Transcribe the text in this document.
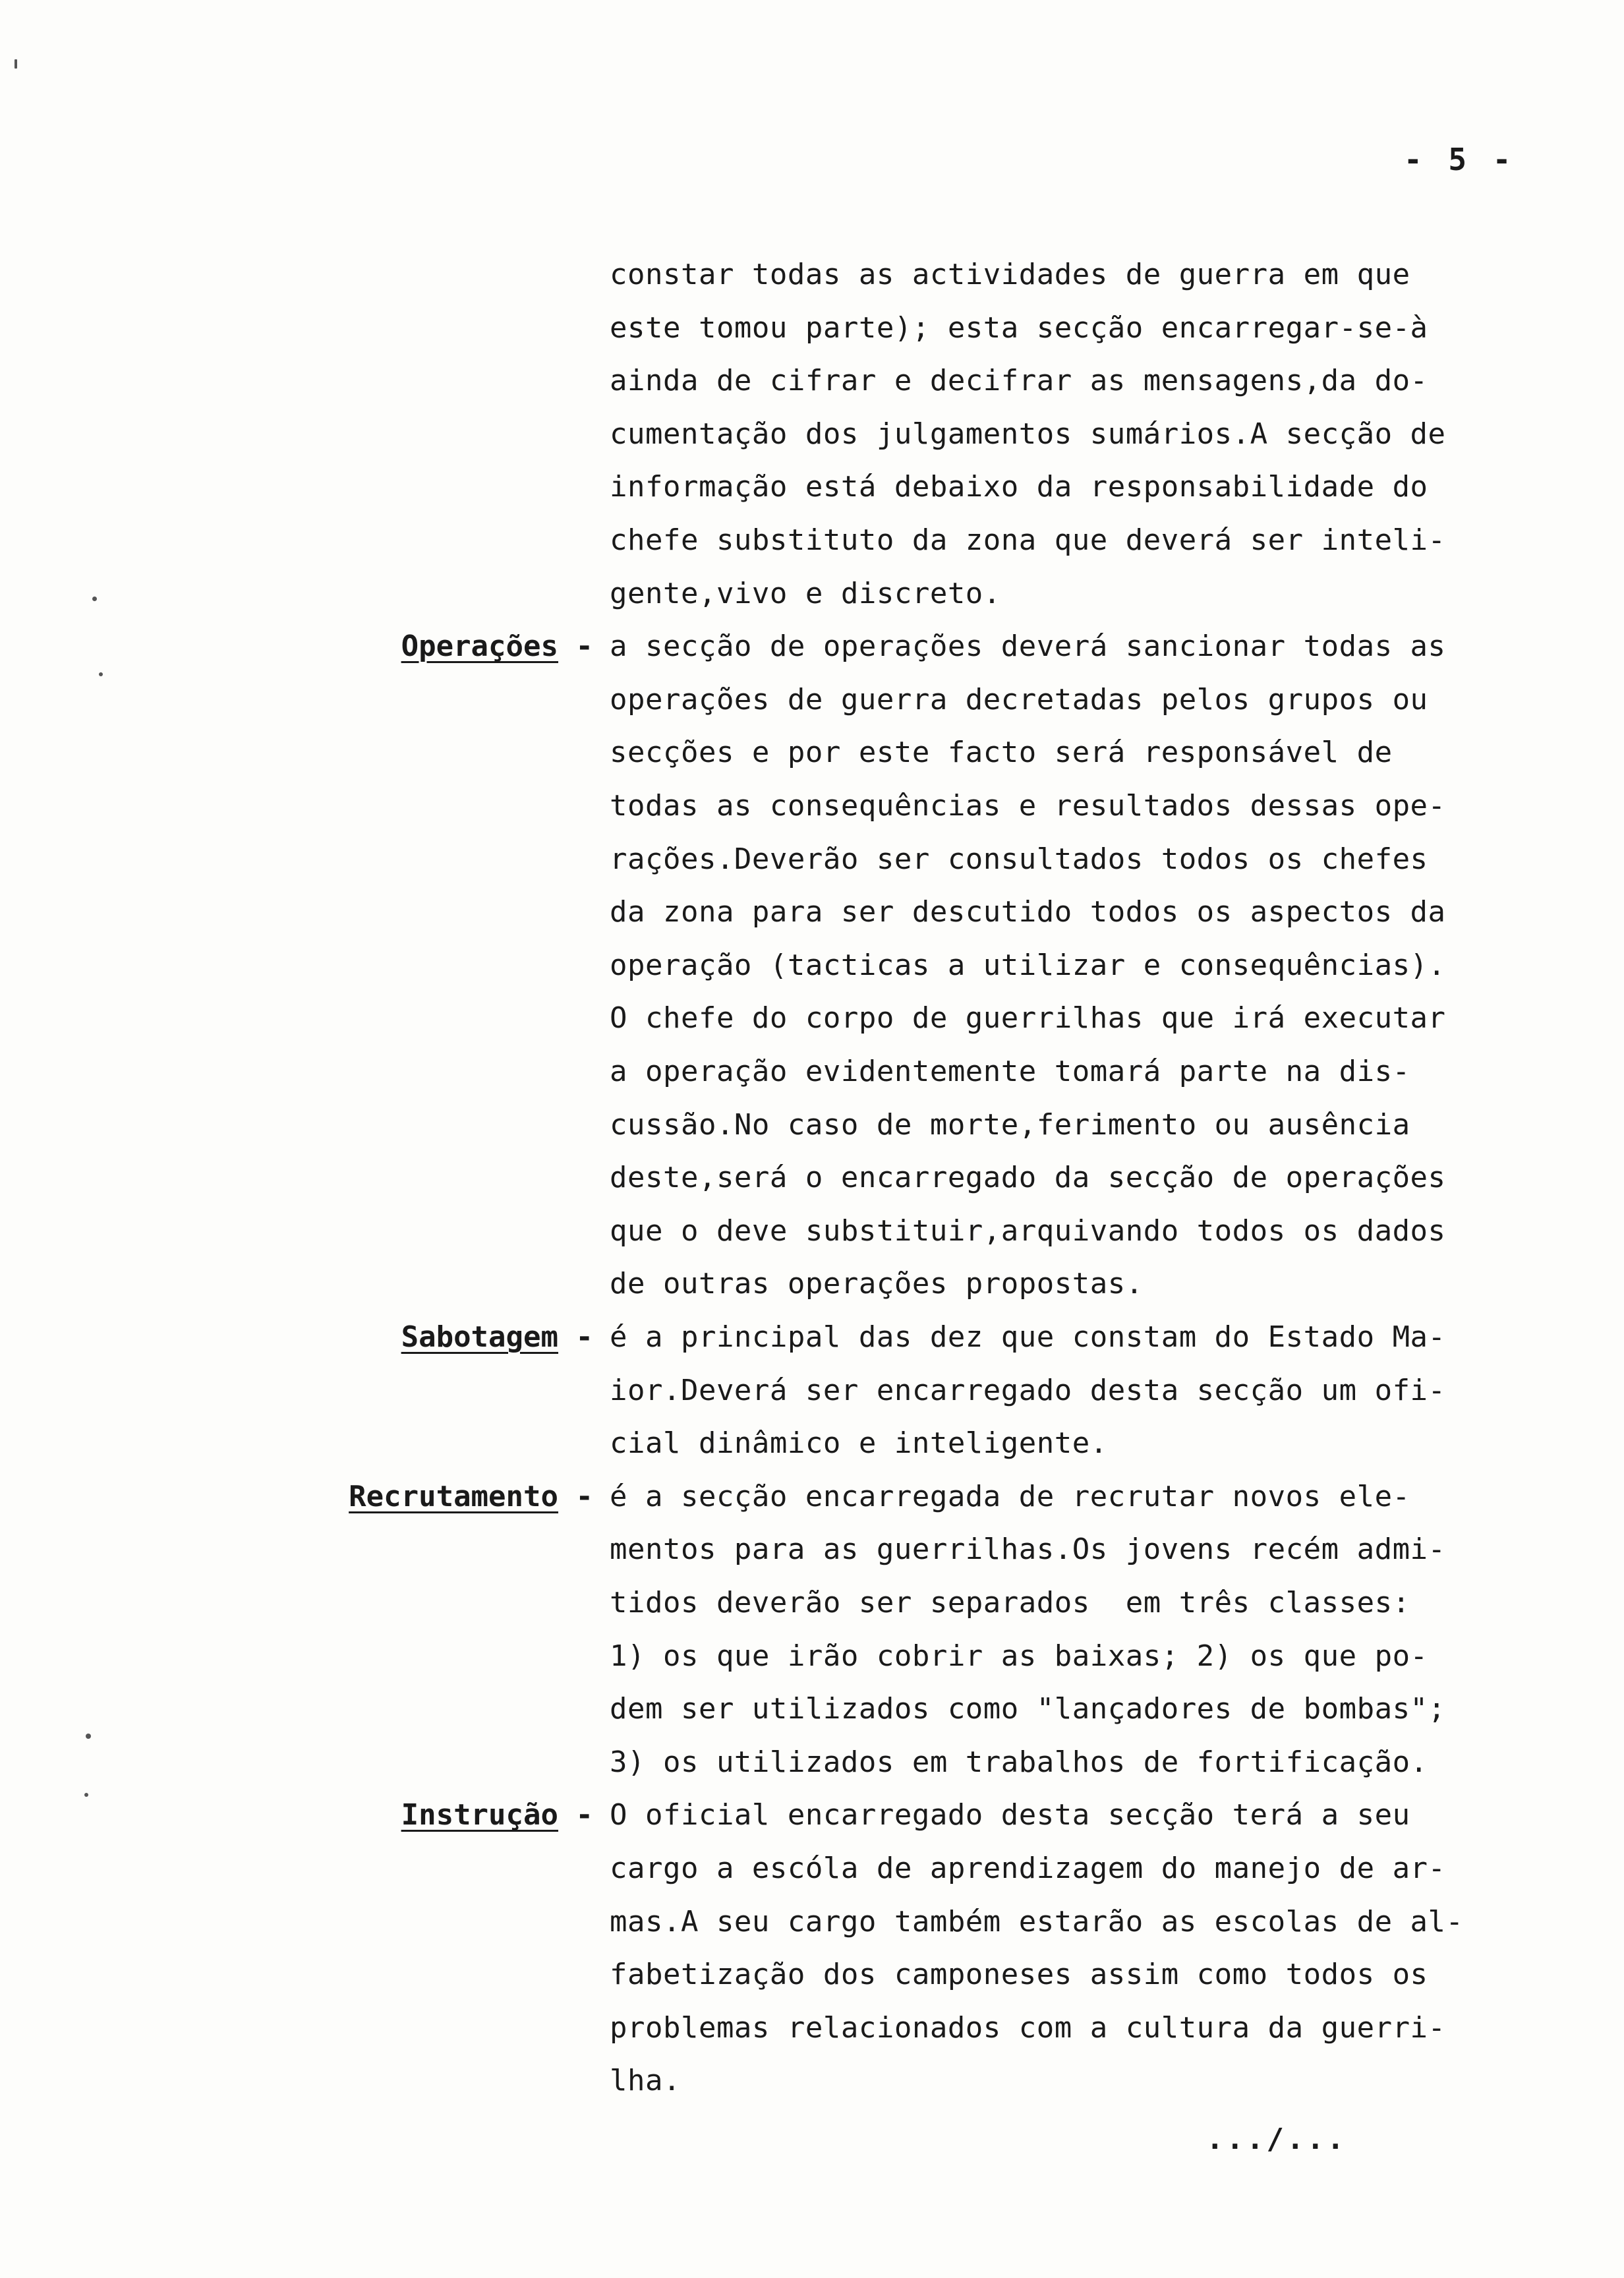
- 5 -
constar todas as actividades de guerra em que
este tomou parte); esta secção encarregar-se-à
ainda de cifrar e decifrar as mensagens,da do-
cumentação dos julgamentos sumários.A secção de
informação está debaixo da responsabilidade do
chefe substituto da zona que deverá ser inteli-
gente,vivo e discreto.
Operações - a secção de operações deverá sancionar todas as
operações de guerra decretadas pelos grupos ou
secções e por este facto será responsável de
todas as consequências e resultados dessas ope-
rações.Deverão ser consultados todos os chefes
da zona para ser descutido todos os aspectos da
operação (tacticas a utilizar e consequências).
O chefe do corpo de guerrilhas que irá executar
a operação evidentemente tomará parte na dis-
cussão.No caso de morte,ferimento ou ausência
deste,será o encarregado da secção de operações
que o deve substituir,arquivando todos os dados
de outras operações propostas.
Sabotagem - é a principal das dez que constam do Estado Ma-
ior.Deverá ser encarregado desta secção um ofi-
cial dinâmico e inteligente.
Recrutamento - é a secção encarregada de recrutar novos ele-
mentos para as guerrilhas.Os jovens recém admi-
tidos deverão ser separados  em três classes:
1) os que irão cobrir as baixas; 2) os que po-
dem ser utilizados como "lançadores de bombas";
3) os utilizados em trabalhos de fortificação.
Instrução - O oficial encarregado desta secção terá a seu
cargo a escóla de aprendizagem do manejo de ar-
mas.A seu cargo também estarão as escolas de al-
fabetização dos camponeses assim como todos os
problemas relacionados com a cultura da guerri-
lha.
.../...
